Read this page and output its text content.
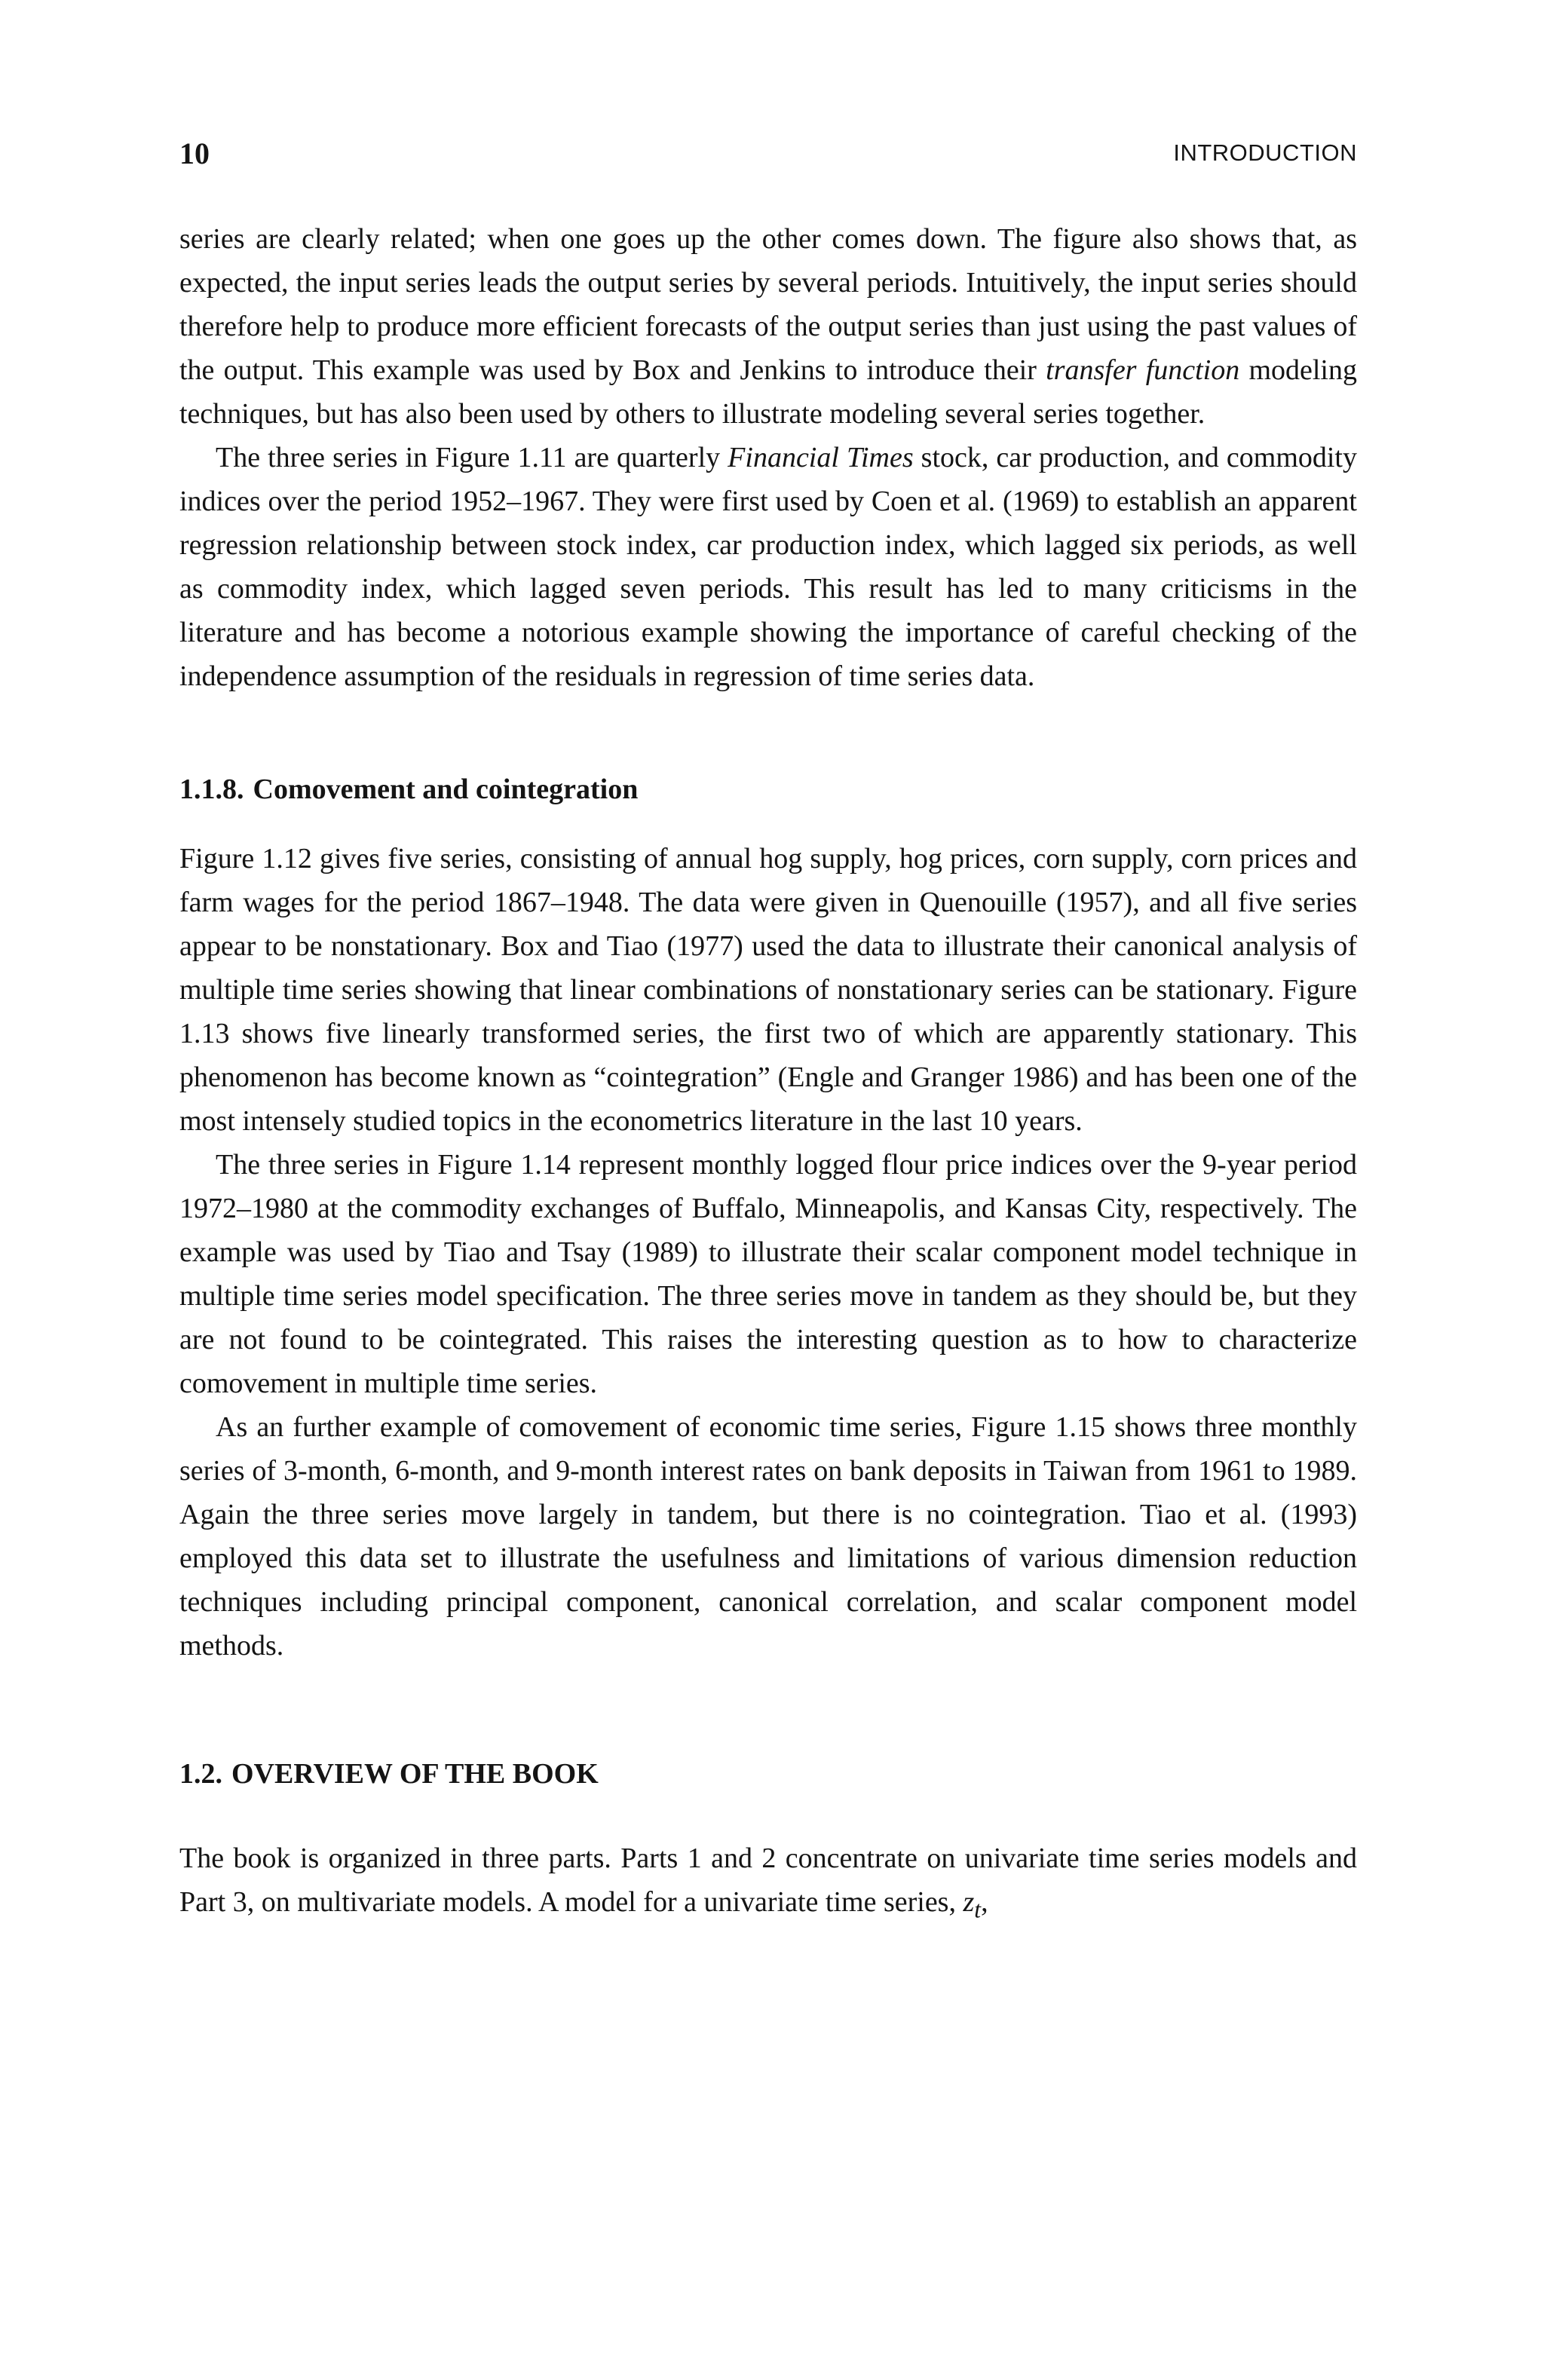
10	INTRODUCTION

series are clearly related; when one goes up the other comes down. The figure also shows that, as expected, the input series leads the output series by several periods. Intuitively, the input series should therefore help to produce more efficient forecasts of the output series than just using the past values of the output. This example was used by Box and Jenkins to introduce their transfer function modeling techniques, but has also been used by others to illustrate modeling several series together.

The three series in Figure 1.11 are quarterly Financial Times stock, car production, and commodity indices over the period 1952–1967. They were first used by Coen et al. (1969) to establish an apparent regression relationship between stock index, car production index, which lagged six periods, as well as commodity index, which lagged seven periods. This result has led to many criticisms in the literature and has become a notorious example showing the importance of careful checking of the independence assumption of the residuals in regression of time series data.

1.1.8. Comovement and cointegration

Figure 1.12 gives five series, consisting of annual hog supply, hog prices, corn supply, corn prices and farm wages for the period 1867–1948. The data were given in Quenouille (1957), and all five series appear to be nonstationary. Box and Tiao (1977) used the data to illustrate their canonical analysis of multiple time series showing that linear combinations of nonstationary series can be stationary. Figure 1.13 shows five linearly transformed series, the first two of which are apparently stationary. This phenomenon has become known as “cointegration” (Engle and Granger 1986) and has been one of the most intensely studied topics in the econometrics literature in the last 10 years.

The three series in Figure 1.14 represent monthly logged flour price indices over the 9-year period 1972–1980 at the commodity exchanges of Buffalo, Minneapolis, and Kansas City, respectively. The example was used by Tiao and Tsay (1989) to illustrate their scalar component model technique in multiple time series model specification. The three series move in tandem as they should be, but they are not found to be cointegrated. This raises the interesting question as to how to characterize comovement in multiple time series.

As an further example of comovement of economic time series, Figure 1.15 shows three monthly series of 3-month, 6-month, and 9-month interest rates on bank deposits in Taiwan from 1961 to 1989. Again the three series move largely in tandem, but there is no cointegration. Tiao et al. (1993) employed this data set to illustrate the usefulness and limitations of various dimension reduction techniques including principal component, canonical correlation, and scalar component model methods.

1.2. OVERVIEW OF THE BOOK

The book is organized in three parts. Parts 1 and 2 concentrate on univariate time series models and Part 3, on multivariate models. A model for a univariate time series, $z_t$,
